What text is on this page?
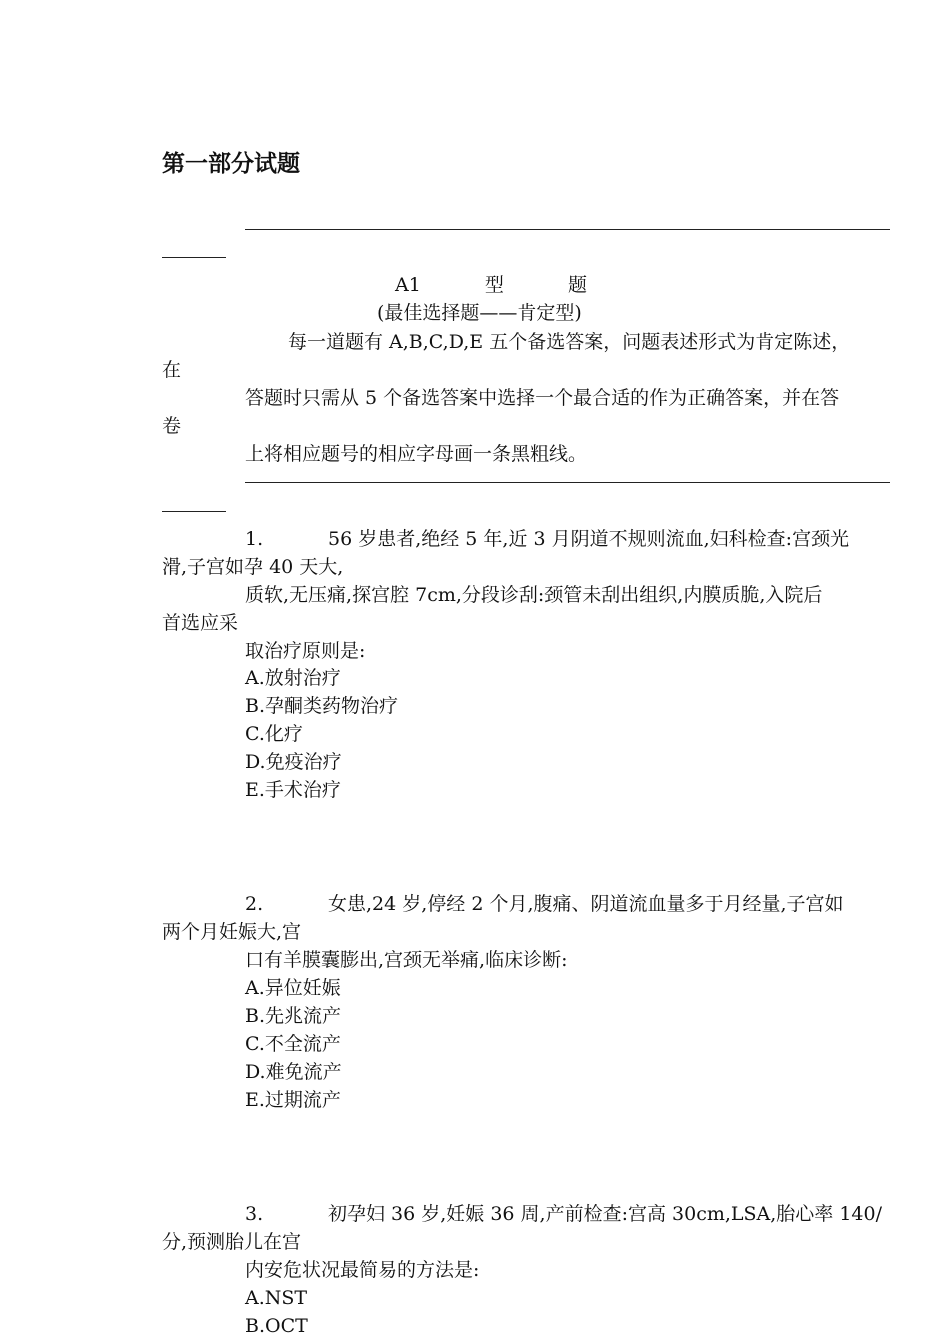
第一部分试题
A1	型	题
(最佳选择题——肯定型)
每一道题有 A,B,C,D,E 五个备选答案，问题表述形式为肯定陈述，
在
答题时只需从 5 个备选答案中选择一个最合适的作为正确答案，并在答
卷
上将相应题号的相应字母画一条黑粗线。
1.	56 岁患者,绝经 5 年,近 3 月阴道不规则流血,妇科检查:宫颈光
滑,子宫如孕 40 天大,
质软,无压痛,探宫腔 7cm,分段诊刮:颈管未刮出组织,内膜质脆,入院后
首选应采
取治疗原则是:
A.放射治疗
B.孕酮类药物治疗
C.化疗
D.免疫治疗
E.手术治疗
2.	女患,24 岁,停经 2 个月,腹痛、阴道流血量多于月经量,子宫如
两个月妊娠大,宫
口有羊膜囊膨出,宫颈无举痛,临床诊断:
A.异位妊娠
B.先兆流产
C.不全流产
D.难免流产
E.过期流产
3.	初孕妇 36 岁,妊娠 36 周,产前检查:宫高 30cm,LSA,胎心率 140/
分,预测胎儿在宫
内安危状况最简易的方法是:
A.NST
B.OCT
